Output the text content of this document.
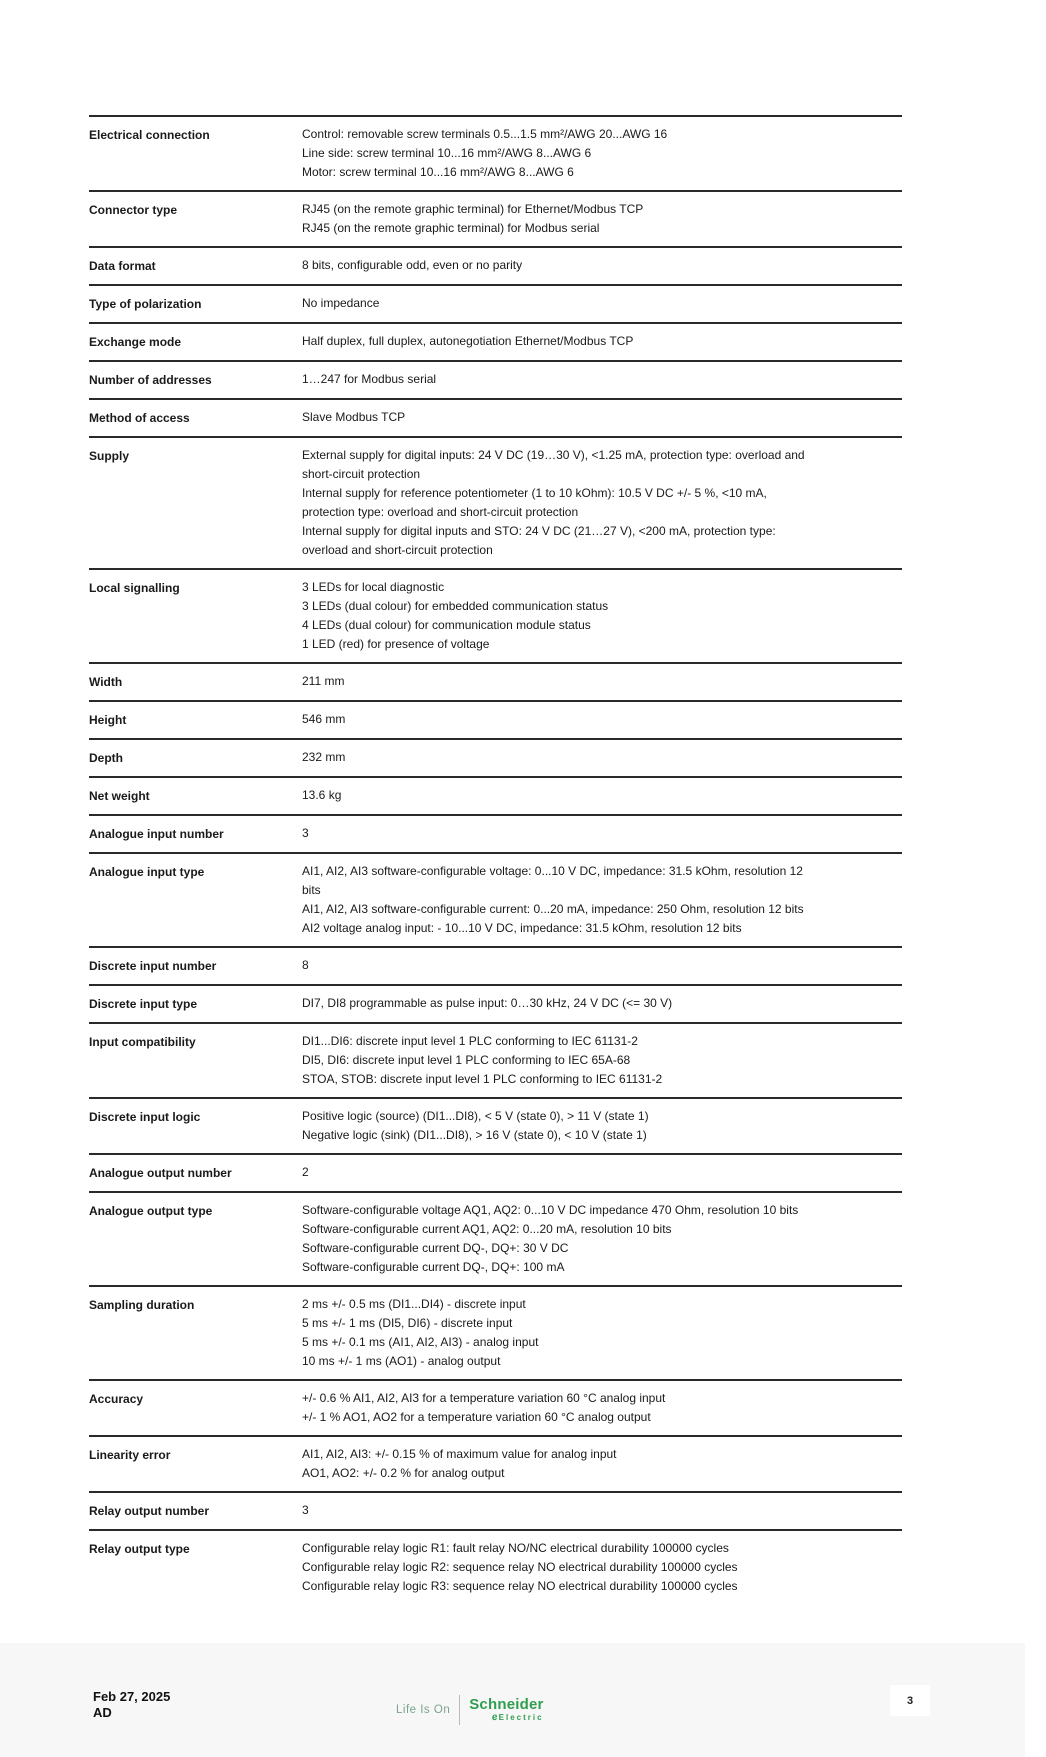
Electrical connection	Control: removable screw terminals 0.5...1.5 mm²/AWG 20...AWG 16
Line side: screw terminal 10...16 mm²/AWG 8...AWG 6
Motor: screw terminal 10...16 mm²/AWG 8...AWG 6
Connector type	RJ45 (on the remote graphic terminal) for Ethernet/Modbus TCP
RJ45 (on the remote graphic terminal) for Modbus serial
Data format	8 bits, configurable odd, even or no parity
Type of polarization	No impedance
Exchange mode	Half duplex, full duplex, autonegotiation Ethernet/Modbus TCP
Number of addresses	1…247 for Modbus serial
Method of access	Slave Modbus TCP
Supply	External supply for digital inputs: 24 V DC (19…30 V), <1.25 mA, protection type: overload and short-circuit protection
Internal supply for reference potentiometer (1 to 10 kOhm): 10.5 V DC +/- 5 %, <10 mA, protection type: overload and short-circuit protection
Internal supply for digital inputs and STO: 24 V DC (21…27 V), <200 mA, protection type: overload and short-circuit protection
Local signalling	3 LEDs for local diagnostic
3 LEDs (dual colour) for embedded communication status
4 LEDs (dual colour) for communication module status
1 LED (red) for presence of voltage
Width	211 mm
Height	546 mm
Depth	232 mm
Net weight	13.6 kg
Analogue input number	3
Analogue input type	AI1, AI2, AI3 software-configurable voltage: 0...10 V DC, impedance: 31.5 kOhm, resolution 12 bits
AI1, AI2, AI3 software-configurable current: 0...20 mA, impedance: 250 Ohm, resolution 12 bits
AI2 voltage analog input: - 10...10 V DC, impedance: 31.5 kOhm, resolution 12 bits
Discrete input number	8
Discrete input type	DI7, DI8 programmable as pulse input: 0…30 kHz, 24 V DC (<= 30 V)
Input compatibility	DI1...DI6: discrete input level 1 PLC conforming to IEC 61131-2
DI5, DI6: discrete input level 1 PLC conforming to IEC 65A-68
STOA, STOB: discrete input level 1 PLC conforming to IEC 61131-2
Discrete input logic	Positive logic (source) (DI1...DI8), < 5 V (state 0), > 11 V (state 1)
Negative logic (sink) (DI1...DI8), > 16 V (state 0), < 10 V (state 1)
Analogue output number	2
Analogue output type	Software-configurable voltage AQ1, AQ2: 0...10 V DC impedance 470 Ohm, resolution 10 bits
Software-configurable current AQ1, AQ2: 0...20 mA, resolution 10 bits
Software-configurable current DQ-, DQ+: 30 V DC
Software-configurable current DQ-, DQ+: 100 mA
Sampling duration	2 ms +/- 0.5 ms (DI1...DI4) - discrete input
5 ms +/- 1 ms (DI5, DI6) - discrete input
5 ms +/- 0.1 ms (AI1, AI2, AI3) - analog input
10 ms +/- 1 ms (AO1) - analog output
Accuracy	+/- 0.6 % AI1, AI2, AI3 for a temperature variation 60 °C analog input
+/- 1 % AO1, AO2 for a temperature variation 60 °C analog output
Linearity error	AI1, AI2, AI3: +/- 0.15 % of maximum value for analog input
AO1, AO2: +/- 0.2 % for analog output
Relay output number	3
Relay output type	Configurable relay logic R1: fault relay NO/NC electrical durability 100000 cycles
Configurable relay logic R2: sequence relay NO electrical durability 100000 cycles
Configurable relay logic R3: sequence relay NO electrical durability 100000 cycles
Feb 27, 2025
AD	Life Is On Schneider
e Electric
3
